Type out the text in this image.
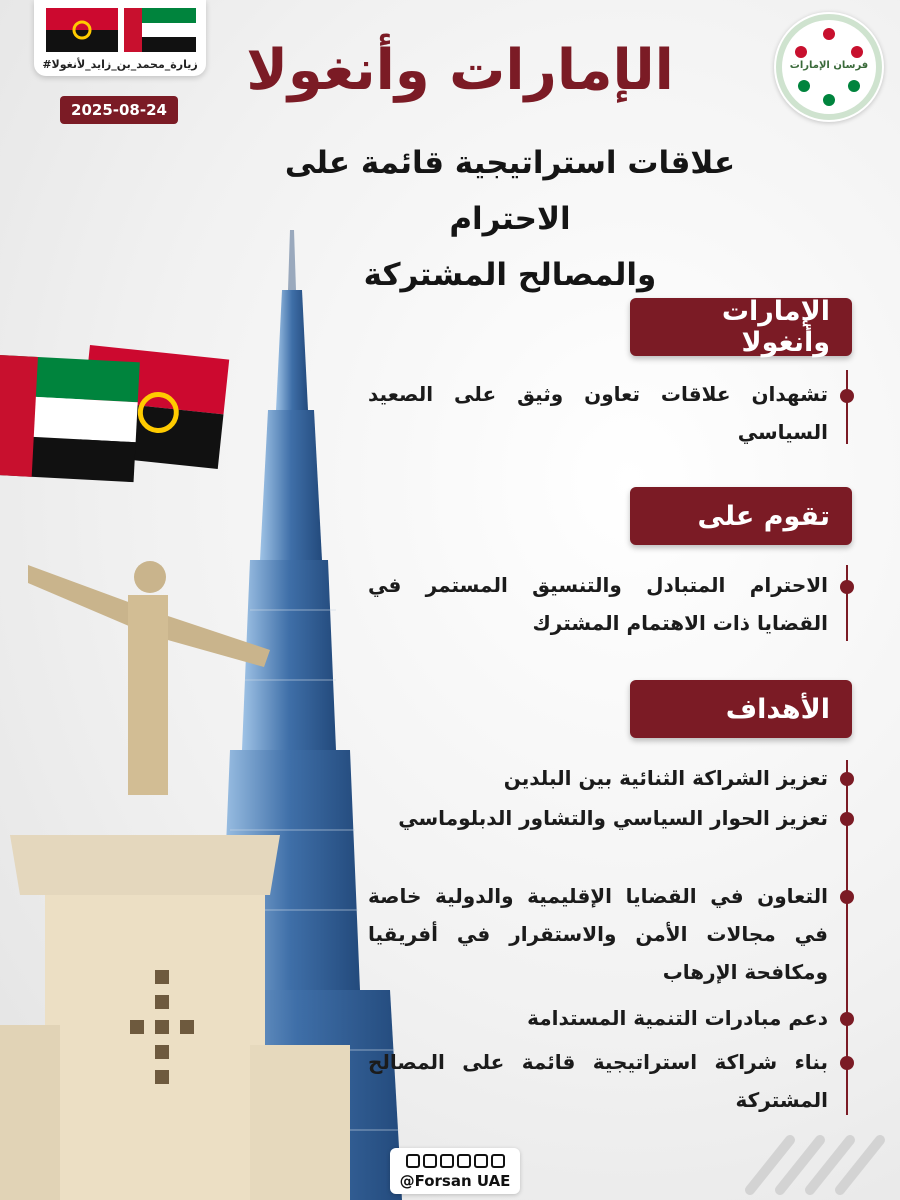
#زيارة_محمد_بن_زايد_لأنغولا
2025-08-24
الإمارات وأنغولا
علاقات استراتيجية قائمة على الاحترام
والمصالح المشتركة
فرسان الإمارات
الإمارات وأنغولا
تشهدان علاقات تعاون وثيق على الصعيد السياسي
تقوم على
الاحترام المتبادل والتنسيق المستمر في القضايا ذات الاهتمام المشترك
الأهداف
تعزيز الشراكة الثنائية بين البلدين
تعزيز الحوار السياسي والتشاور الدبلوماسي
التعاون في القضايا الإقليمية والدولية خاصة في مجالات الأمن والاستقرار في أفريقيا ومكافحة الإرهاب
دعم مبادرات التنمية المستدامة
بناء شراكة استراتيجية قائمة على المصالح المشتركة
@Forsan UAE
